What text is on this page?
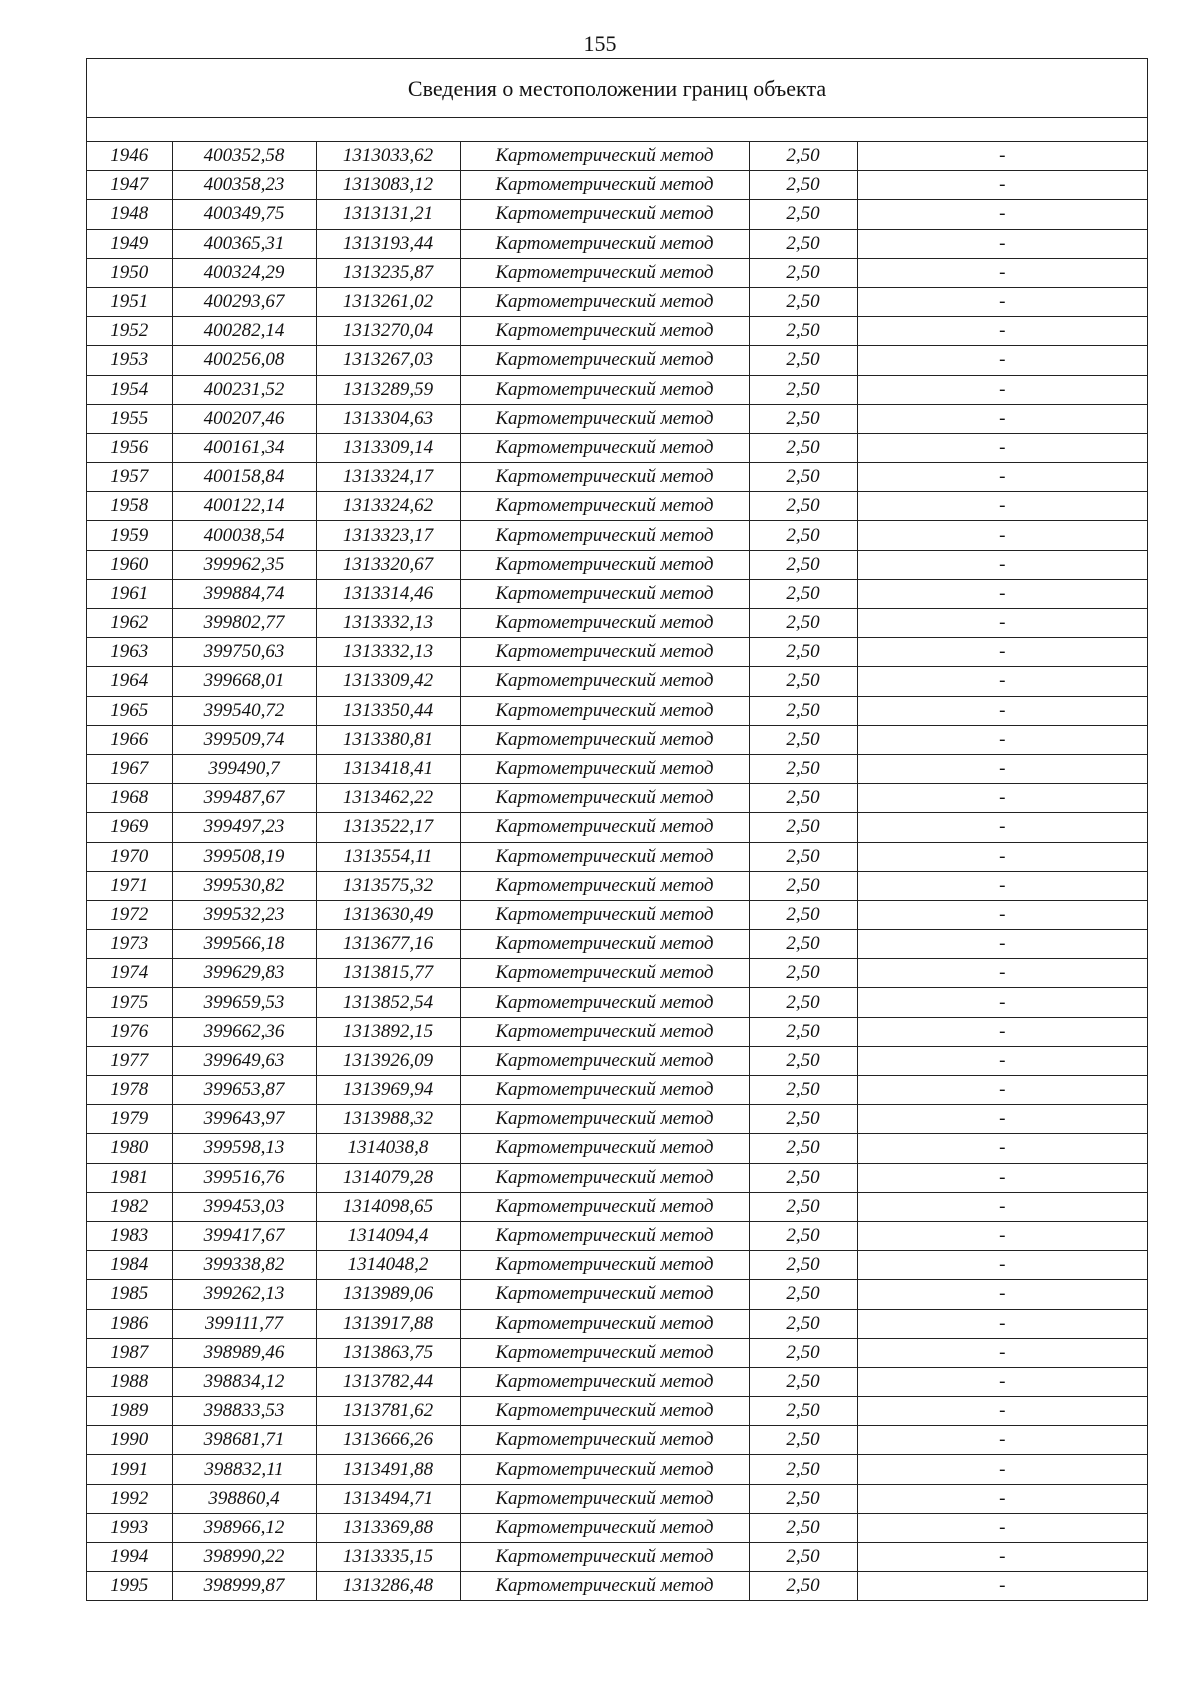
155
Сведения о местоположении границ объекта
1946	400352,58	1313033,62	Картометрический метод	2,50	-
1947	400358,23	1313083,12	Картометрический метод	2,50	-
1948	400349,75	1313131,21	Картометрический метод	2,50	-
1949	400365,31	1313193,44	Картометрический метод	2,50	-
1950	400324,29	1313235,87	Картометрический метод	2,50	-
1951	400293,67	1313261,02	Картометрический метод	2,50	-
1952	400282,14	1313270,04	Картометрический метод	2,50	-
1953	400256,08	1313267,03	Картометрический метод	2,50	-
1954	400231,52	1313289,59	Картометрический метод	2,50	-
1955	400207,46	1313304,63	Картометрический метод	2,50	-
1956	400161,34	1313309,14	Картометрический метод	2,50	-
1957	400158,84	1313324,17	Картометрический метод	2,50	-
1958	400122,14	1313324,62	Картометрический метод	2,50	-
1959	400038,54	1313323,17	Картометрический метод	2,50	-
1960	399962,35	1313320,67	Картометрический метод	2,50	-
1961	399884,74	1313314,46	Картометрический метод	2,50	-
1962	399802,77	1313332,13	Картометрический метод	2,50	-
1963	399750,63	1313332,13	Картометрический метод	2,50	-
1964	399668,01	1313309,42	Картометрический метод	2,50	-
1965	399540,72	1313350,44	Картометрический метод	2,50	-
1966	399509,74	1313380,81	Картометрический метод	2,50	-
1967	399490,7	1313418,41	Картометрический метод	2,50	-
1968	399487,67	1313462,22	Картометрический метод	2,50	-
1969	399497,23	1313522,17	Картометрический метод	2,50	-
1970	399508,19	1313554,11	Картометрический метод	2,50	-
1971	399530,82	1313575,32	Картометрический метод	2,50	-
1972	399532,23	1313630,49	Картометрический метод	2,50	-
1973	399566,18	1313677,16	Картометрический метод	2,50	-
1974	399629,83	1313815,77	Картометрический метод	2,50	-
1975	399659,53	1313852,54	Картометрический метод	2,50	-
1976	399662,36	1313892,15	Картометрический метод	2,50	-
1977	399649,63	1313926,09	Картометрический метод	2,50	-
1978	399653,87	1313969,94	Картометрический метод	2,50	-
1979	399643,97	1313988,32	Картометрический метод	2,50	-
1980	399598,13	1314038,8	Картометрический метод	2,50	-
1981	399516,76	1314079,28	Картометрический метод	2,50	-
1982	399453,03	1314098,65	Картометрический метод	2,50	-
1983	399417,67	1314094,4	Картометрический метод	2,50	-
1984	399338,82	1314048,2	Картометрический метод	2,50	-
1985	399262,13	1313989,06	Картометрический метод	2,50	-
1986	399111,77	1313917,88	Картометрический метод	2,50	-
1987	398989,46	1313863,75	Картометрический метод	2,50	-
1988	398834,12	1313782,44	Картометрический метод	2,50	-
1989	398833,53	1313781,62	Картометрический метод	2,50	-
1990	398681,71	1313666,26	Картометрический метод	2,50	-
1991	398832,11	1313491,88	Картометрический метод	2,50	-
1992	398860,4	1313494,71	Картометрический метод	2,50	-
1993	398966,12	1313369,88	Картометрический метод	2,50	-
1994	398990,22	1313335,15	Картометрический метод	2,50	-
1995	398999,87	1313286,48	Картометрический метод	2,50	-
